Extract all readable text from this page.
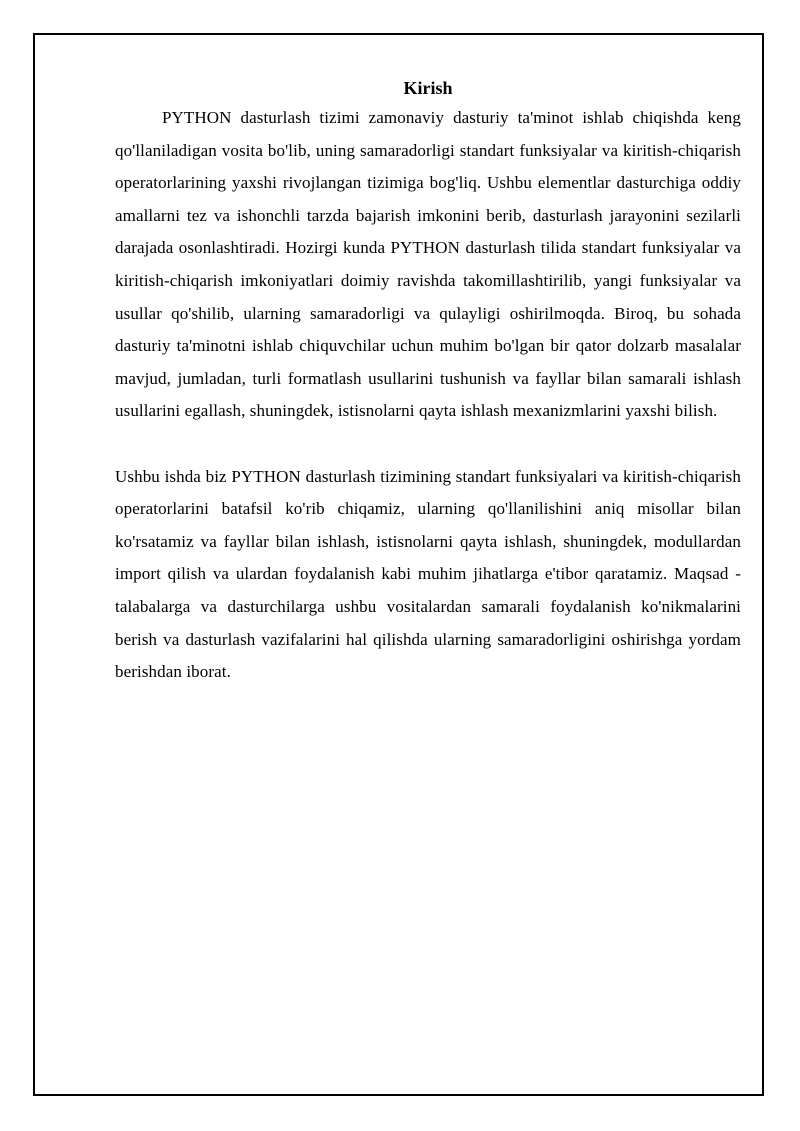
Kirish

PYTHON dasturlash tizimi zamonaviy dasturiy ta'minot ishlab chiqishda keng qo'llaniladigan vosita bo'lib, uning samaradorligi standart funksiyalar va kiritish-chiqarish operatorlarining yaxshi rivojlangan tizimiga bog'liq. Ushbu elementlar dasturchiga oddiy amallarni tez va ishonchli tarzda bajarish imkonini berib, dasturlash jarayonini sezilarli darajada osonlashtiradi. Hozirgi kunda PYTHON dasturlash tilida standart funksiyalar va kiritish-chiqarish imkoniyatlari doimiy ravishda takomillashtirilib, yangi funksiyalar va usullar qo'shilib, ularning samaradorligi va qulayligi oshirilmoqda. Biroq, bu sohada dasturiy ta'minotni ishlab chiquvchilar uchun muhim bo'lgan bir qator dolzarb masalalar mavjud, jumladan, turli formatlash usullarini tushunish va fayllar bilan samarali ishlash usullarini egallash, shuningdek, istisnolarni qayta ishlash mexanizmlarini yaxshi bilish.

Ushbu ishda biz PYTHON dasturlash tizimining standart funksiyalari va kiritish-chiqarish operatorlarini batafsil ko'rib chiqamiz, ularning qo'llanilishini aniq misollar bilan ko'rsatamiz va fayllar bilan ishlash, istisnolarni qayta ishlash, shuningdek, modullardan import qilish va ulardan foydalanish kabi muhim jihatlarga e'tibor qaratamiz. Maqsad - talabalarga va dasturchilarga ushbu vositalardan samarali foydalanish ko'nikmalarini berish va dasturlash vazifalarini hal qilishda ularning samaradorligini oshirishga yordam berishdan iborat.
